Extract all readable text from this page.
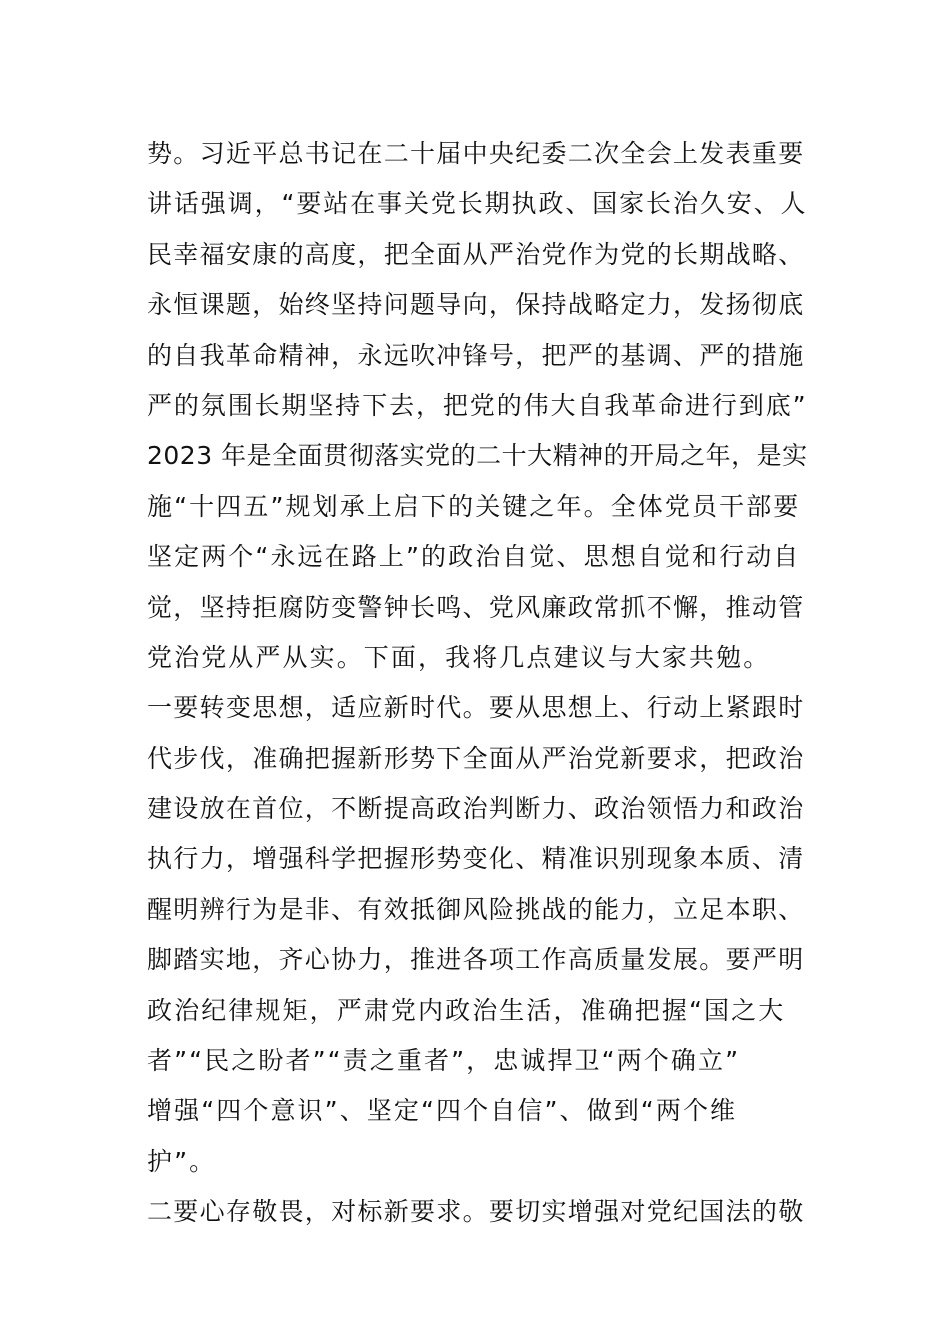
势。习近平总书记在二十届中央纪委二次全会上发表重要
讲话强调，“要站在事关党长期执政、国家长治久安、人
民幸福安康的高度，把全面从严治党作为党的长期战略、
永恒课题，始终坚持问题导向，保持战略定力，发扬彻底
的自我革命精神，永远吹冲锋号，把严的基调、严的措施
严的氛围长期坚持下去，把党的伟大自我革命进行到底”
2023 年是全面贯彻落实党的二十大精神的开局之年，是实
施“十四五”规划承上启下的关键之年。全体党员干部要
坚定两个“永远在路上”的政治自觉、思想自觉和行动自
觉，坚持拒腐防变警钟长鸣、党风廉政常抓不懈，推动管
党治党从严从实。下面，我将几点建议与大家共勉。
一要转变思想，适应新时代。要从思想上、行动上紧跟时
代步伐，准确把握新形势下全面从严治党新要求，把政治
建设放在首位，不断提高政治判断力、政治领悟力和政治
执行力，增强科学把握形势变化、精准识别现象本质、清
醒明辨行为是非、有效抵御风险挑战的能力，立足本职、
脚踏实地，齐心协力，推进各项工作高质量发展。要严明
政治纪律规矩，严肃党内政治生活，准确把握“国之大
者”“民之盼者”“责之重者”，忠诚捍卫“两个确立”
增强“四个意识”、坚定“四个自信”、做到“两个维
护”。
二要心存敬畏，对标新要求。要切实增强对党纪国法的敬
